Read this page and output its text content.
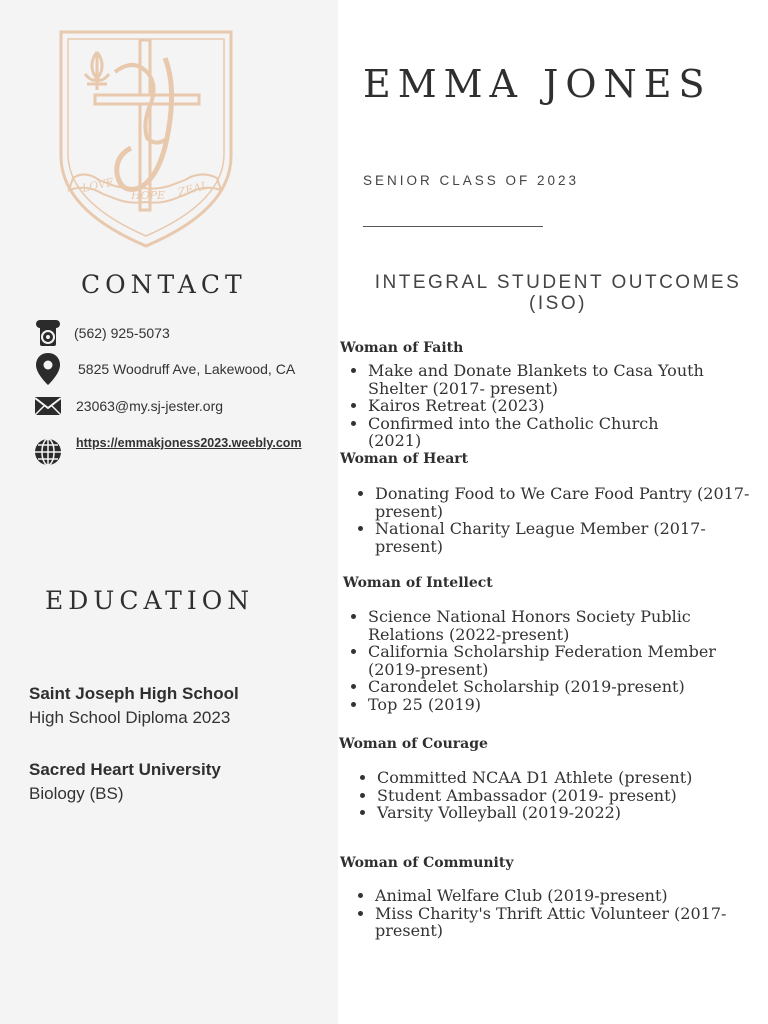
LOVE
HOPE ZEAL
CONTACT
(562) 925-5073
5825 Woodruff Ave, Lakewood, CA
23063@my.sj-jester.org
https://emmakjoness2023.weebly.com
EDUCATION

Saint Joseph High School

High School Diploma 2023

Sacred Heart University

Biology (BS)

EMMA JONES
SENIOR CLASS OF 2023
INTEGRAL STUDENT OUTCOMES (ISO)
Woman of Faith
• Make and Donate Blankets to Casa Youth Shelter (2017- present)
• Kairos Retreat (2023)
• Confirmed into the Catholic Church (2021)
Woman of Heart
• Donating Food to We Care Food Pantry (2017- present)
• National Charity League Member (2017-present)
Woman of Intellect
• Science National Honors Society Public Relations (2022-present)
• California Scholarship Federation Member (2019-present)
• Carondelet Scholarship (2019-present)
• Top 25 (2019)
Woman of Courage
• Committed NCAA D1 Athlete (present)
• Student Ambassador (2019- present)
• Varsity Volleyball (2019-2022)
Woman of Community
• Animal Welfare Club (2019-present)
• Miss Charity's Thrift Attic Volunteer (2017-present)
